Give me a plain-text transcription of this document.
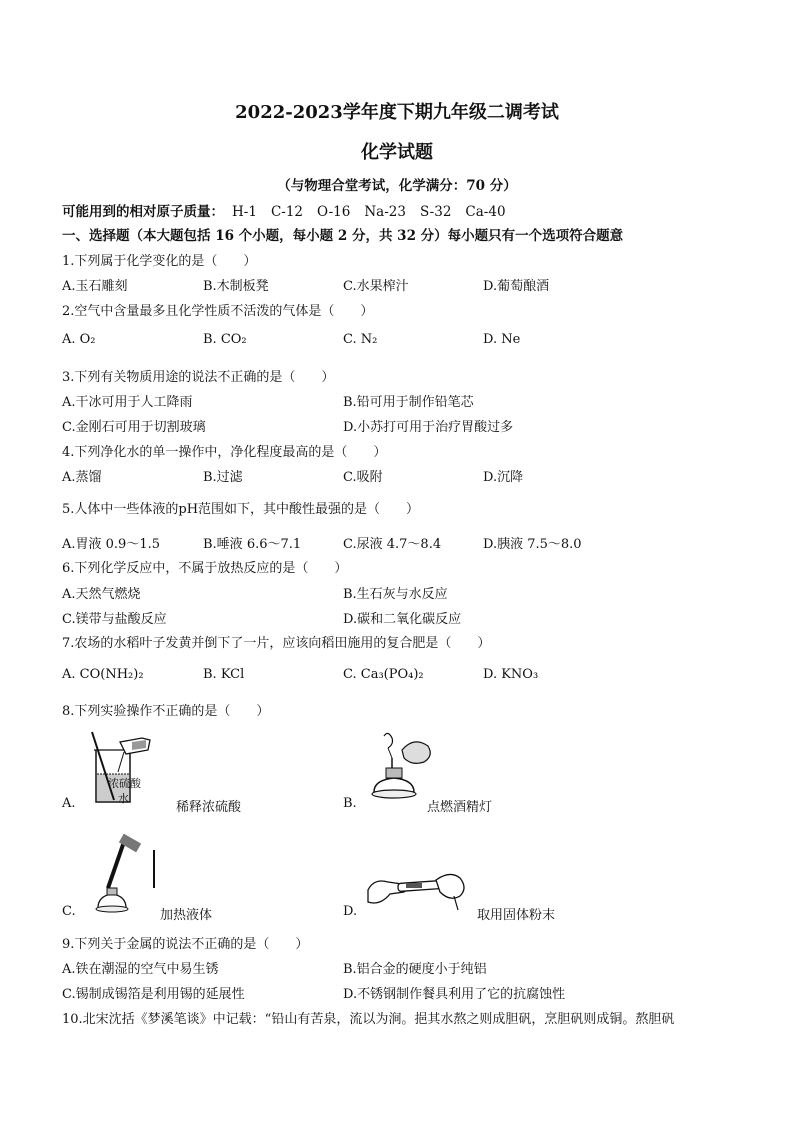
2022-2023学年度下期九年级二调考试
化学试题
（与物理合堂考试，化学满分：70 分）
可能用到的相对原子质量： H-1 C-12 O-16 Na-23 S-32 Ca-40
一、选择题（本大题包括 16 个小题，每小题 2 分，共 32 分）每小题只有一个选项符合题意
1.下列属于化学变化的是（　　）
A.玉石雕刻	B.木制板凳	C.水果榨汁	D.葡萄酿酒
2.空气中含量最多且化学性质不活泼的气体是（　　）
A. O₂	B. CO₂	C. N₂	D. Ne
3.下列有关物质用途的说法不正确的是（　　）
A.干冰可用于人工降雨	B.铅可用于制作铅笔芯
C.金刚石可用于切割玻璃	D.小苏打可用于治疗胃酸过多
4.下列净化水的单一操作中，净化程度最高的是（　　）
A.蒸馏	B.过滤	C.吸附	D.沉降
5.人体中一些体液的pH范围如下，其中酸性最强的是（　　）
A.胃液 0.9～1.5	B.唾液 6.6～7.1	C.尿液 4.7～8.4	D.胰液 7.5～8.0
6.下列化学反应中，不属于放热反应的是（　　）
A.天然气燃烧	B.生石灰与水反应
C.镁带与盐酸反应	D.碳和二氧化碳反应
7.农场的水稻叶子发黄并倒下了一片，应该向稻田施用的复合肥是（　　）
A. CO(NH₂)₂	B. KCl	C. Ca₃(PO₄)₂	D. KNO₃
8.下列实验操作不正确的是（　　）
浓硫酸
水
A.	稀释浓硫酸	B.	点燃酒精灯
C.	加热液体	D.	取用固体粉末
9.下列关于金属的说法不正确的是（　　）
A.铁在潮湿的空气中易生锈	B.铝合金的硬度小于纯铝
C.锡制成锡箔是利用锡的延展性	D.不锈钢制作餐具利用了它的抗腐蚀性
10.北宋沈括《梦溪笔谈》中记载：“铅山有苦泉，流以为涧。挹其水熬之则成胆矾，烹胆矾则成铜。熬胆矾
